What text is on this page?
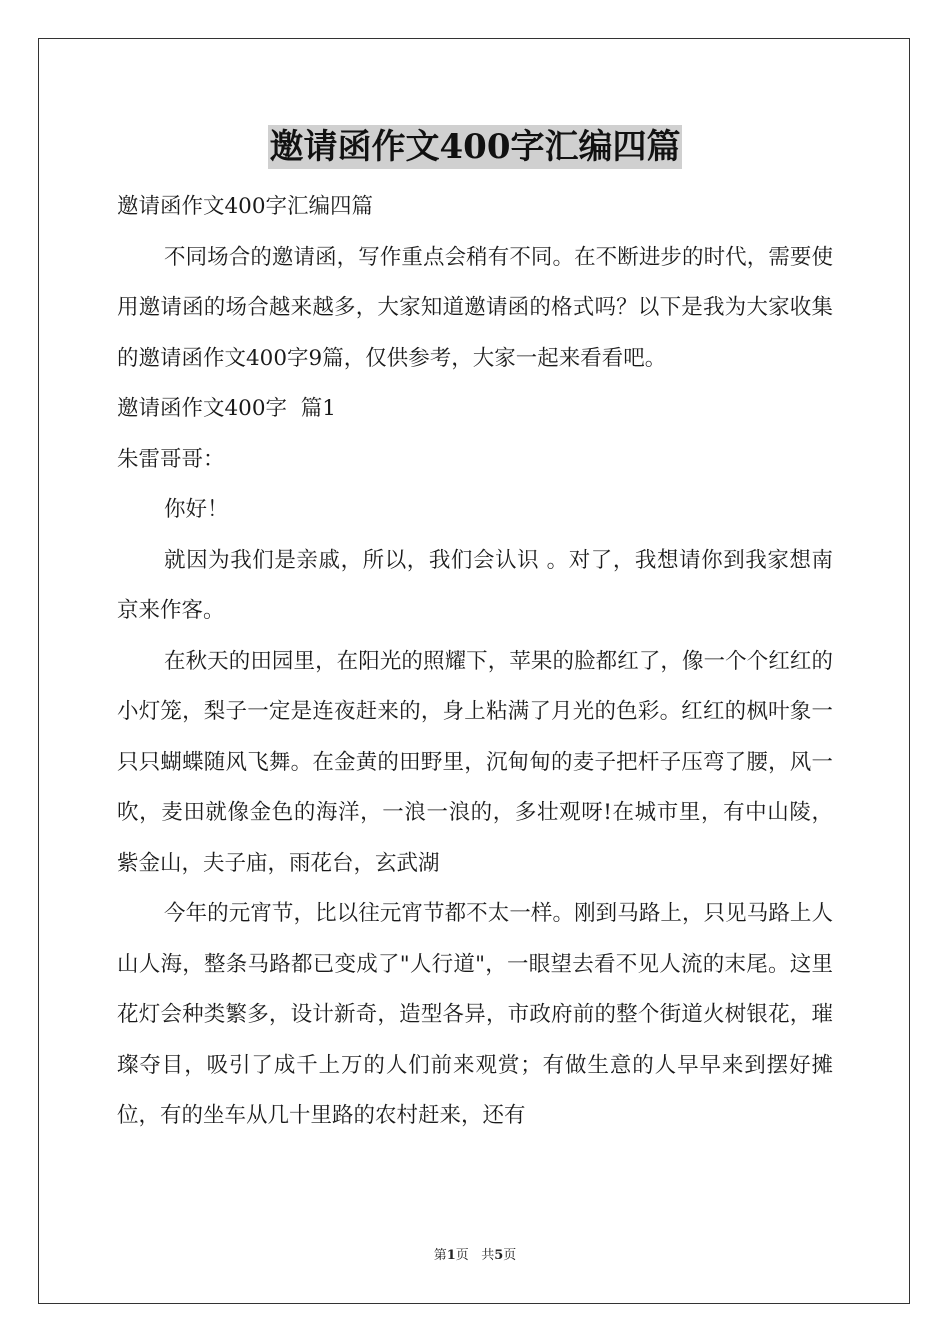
邀请函作文400字汇编四篇

邀请函作文400字汇编四篇

不同场合的邀请函，写作重点会稍有不同。在不断进步的时代，需要使用邀请函的场合越来越多，大家知道邀请函的格式吗？以下是我为大家收集的邀请函作文400字9篇，仅供参考，大家一起来看看吧。

邀请函作文400字  篇1

朱雷哥哥：

你好！

就因为我们是亲戚，所以，我们会认识 。对了，我想请你到我家想南京来作客。

在秋天的田园里，在阳光的照耀下，苹果的脸都红了，像一个个红红的小灯笼，梨子一定是连夜赶来的，身上粘满了月光的色彩。红红的枫叶象一只只蝴蝶随风飞舞。在金黄的田野里，沉甸甸的麦子把杆子压弯了腰，风一吹，麦田就像金色的海洋，一浪一浪的，多壮观呀!在城市里，有中山陵，紫金山，夫子庙，雨花台，玄武湖

今年的元宵节，比以往元宵节都不太一样。刚到马路上，只见马路上人山人海，整条马路都已变成了"人行道"，一眼望去看不见人流的末尾。这里花灯会种类繁多，设计新奇，造型各异，市政府前的整个街道火树银花，璀璨夺目，吸引了成千上万的人们前来观赏；有做生意的人早早来到摆好摊位，有的坐车从几十里路的农村赶来，还有

第1页 共5页
